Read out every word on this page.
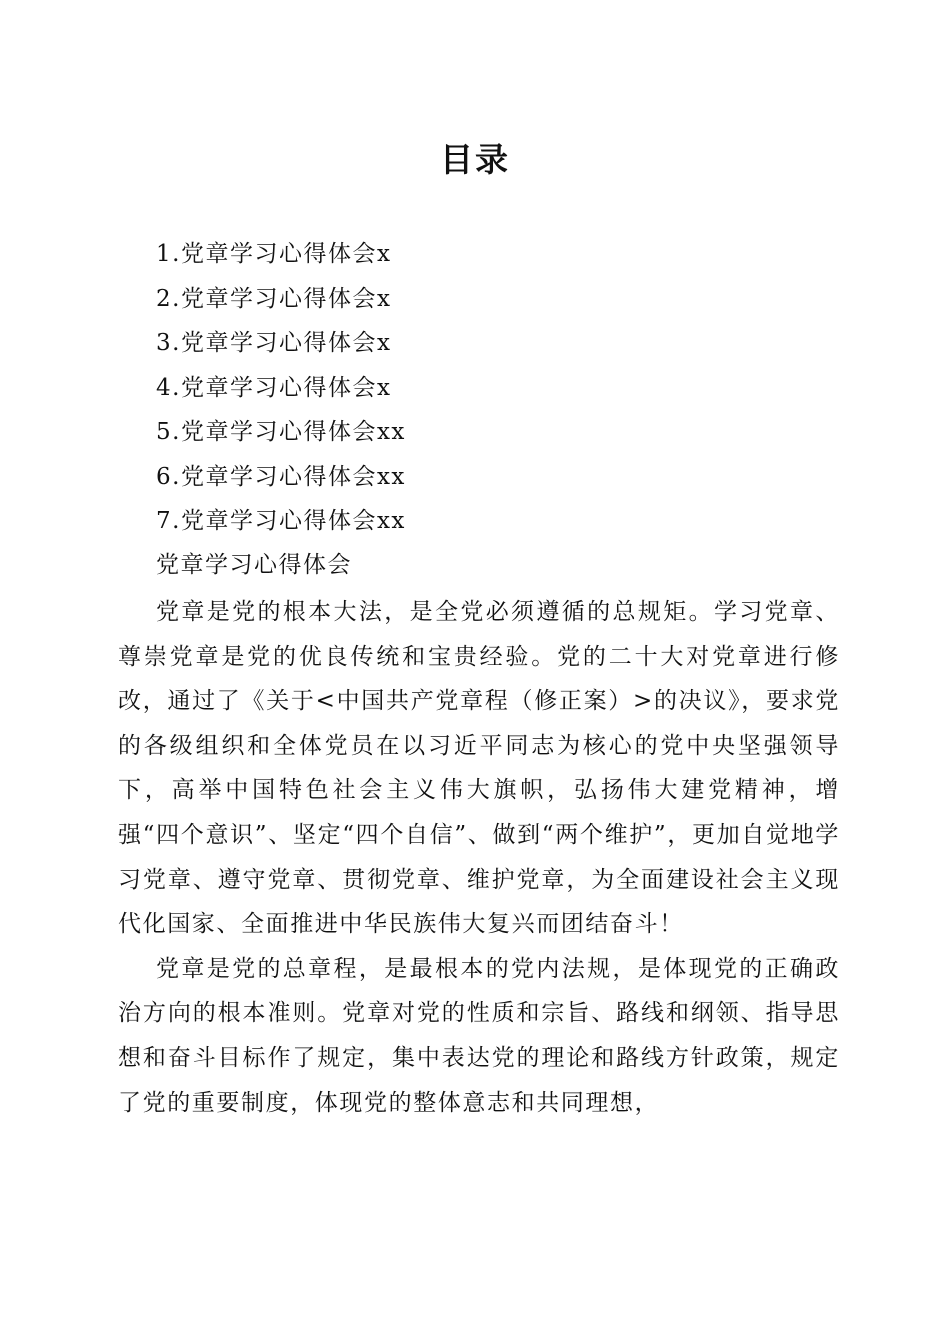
目录
1.党章学习心得体会x
2.党章学习心得体会x
3.党章学习心得体会x
4.党章学习心得体会x
5.党章学习心得体会xx
6.党章学习心得体会xx
7.党章学习心得体会xx
党章学习心得体会

党章是党的根本大法，是全党必须遵循的总规矩。学习党章、尊崇党章是党的优良传统和宝贵经验。党的二十大对党章进行修改，通过了《关于<中国共产党章程（修正案）>的决议》，要求党的各级组织和全体党员在以习近平同志为核心的党中央坚强领导下，高举中国特色社会主义伟大旗帜，弘扬伟大建党精神，增强“四个意识”、坚定“四个自信”、做到“两个维护”，更加自觉地学习党章、遵守党章、贯彻党章、维护党章，为全面建设社会主义现代化国家、全面推进中华民族伟大复兴而团结奋斗！

党章是党的总章程，是最根本的党内法规，是体现党的正确政治方向的根本准则。党章对党的性质和宗旨、路线和纲领、指导思想和奋斗目标作了规定，集中表达党的理论和路线方针政策，规定了党的重要制度，体现党的整体意志和共同理想，
